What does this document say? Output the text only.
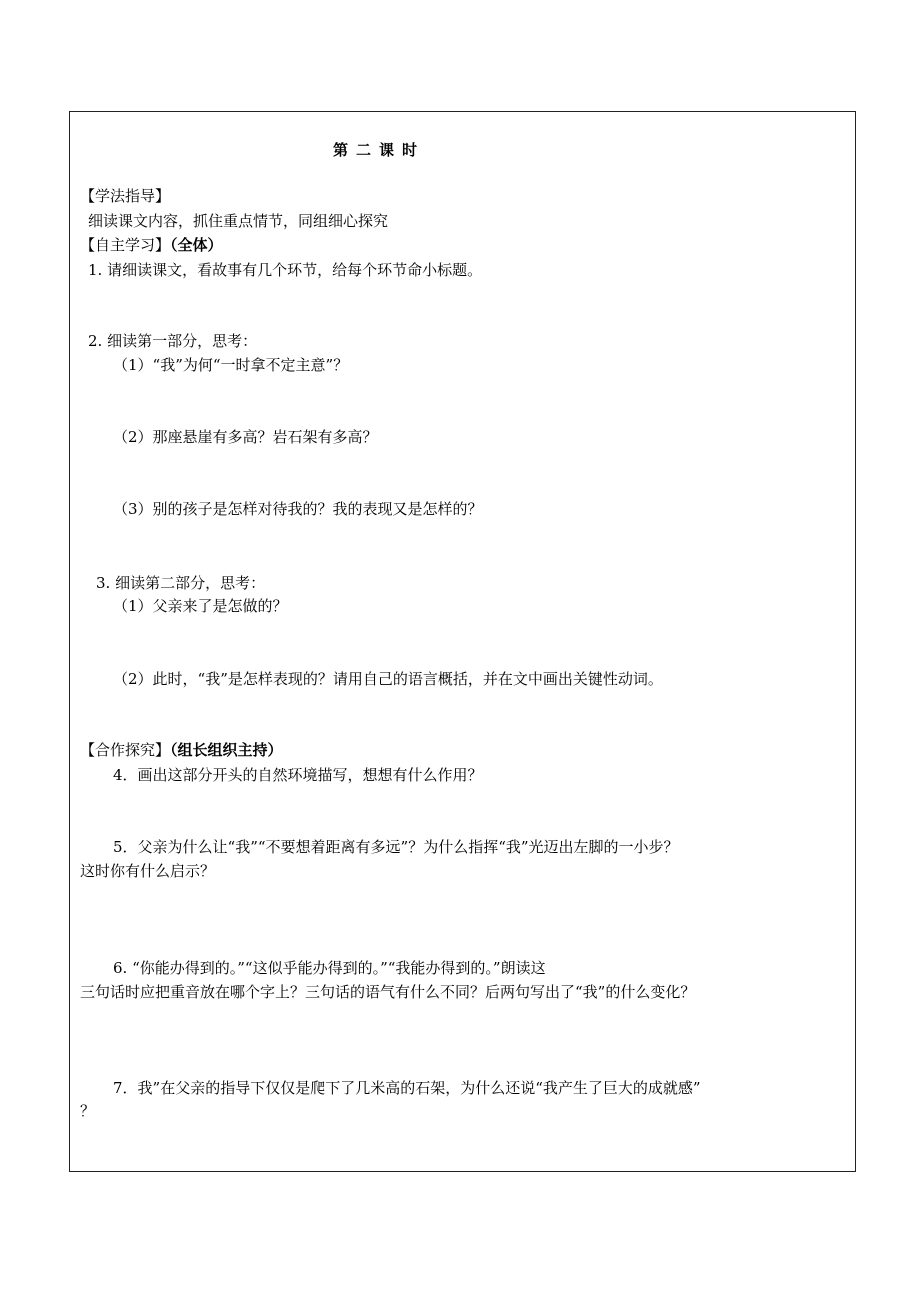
第二课时
【学法指导】
细读课文内容，抓住重点情节，同组细心探究
【自主学习】（全体）
1. 请细读课文，看故事有几个环节，给每个环节命小标题。
2. 细读第一部分，思考：
（1）“我”为何“一时拿不定主意”？
（2）那座悬崖有多高？岩石架有多高？
（3）别的孩子是怎样对待我的？我的表现又是怎样的？
3. 细读第二部分，思考：
（1）父亲来了是怎做的？
（2）此时，“我”是怎样表现的？请用自己的语言概括，并在文中画出关键性动词。
【合作探究】（组长组织主持）
4．画出这部分开头的自然环境描写，想想有什么作用？
5．父亲为什么让“我”“不要想着距离有多远”？为什么指挥“我”光迈出左脚的一小步？
这时你有什么启示？
6. “你能办得到的。”“这似乎能办得到的。”“我能办得到的。”朗读这
三句话时应把重音放在哪个字上？三句话的语气有什么不同？后两句写出了“我”的什么变化？
7．我”在父亲的指导下仅仅是爬下了几米高的石架，为什么还说“我产生了巨大的成就感”
？
